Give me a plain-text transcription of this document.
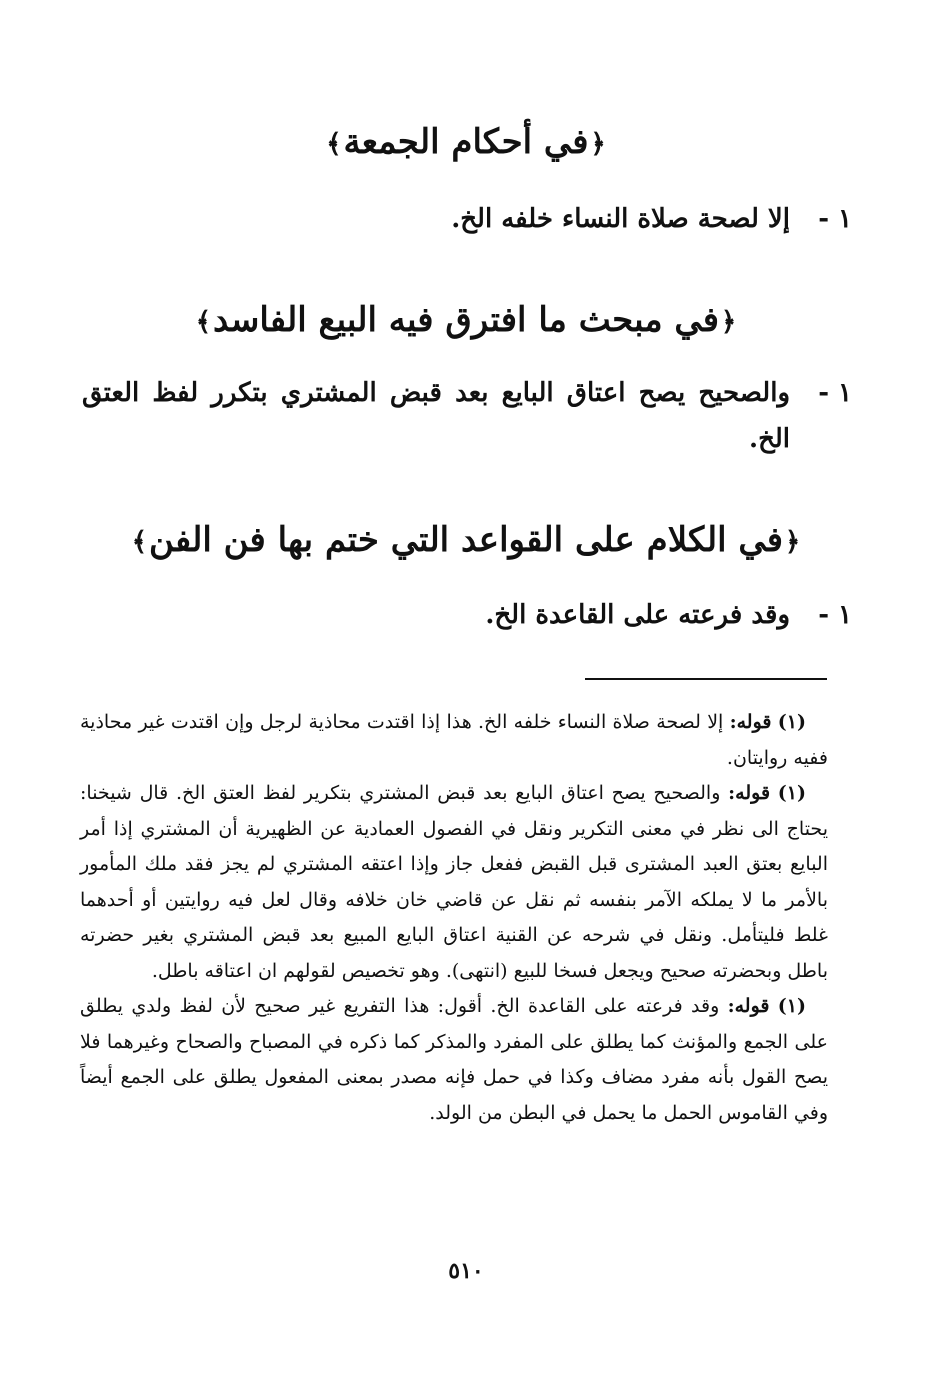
﴿في أحكام الجمعة﴾
١ -
إلا لصحة صلاة النساء خلفه الخ.
﴿في مبحث ما افترق فيه البيع الفاسد﴾
١ -
والصحيح يصح اعتاق البايع بعد قبض المشتري بتكرر لفظ العتق الخ.
﴿في الكلام على القواعد التي ختم بها فن الفن﴾
١ -
وقد فرعته على القاعدة الخ.

(١) قوله: إلا لصحة صلاة النساء خلفه الخ. هذا إذا اقتدت محاذية لرجل وإن اقتدت غير محاذية ففيه روايتان.

(١) قوله: والصحيح يصح اعتاق البايع بعد قبض المشتري بتكرير لفظ العتق الخ. قال شيخنا: يحتاج الى نظر في معنى التكرير ونقل في الفصول العمادية عن الظهيرية أن المشتري إذا أمر البايع بعتق العبد المشترى قبل القبض ففعل جاز وإذا اعتقه المشتري لم يجز فقد ملك المأمور بالأمر ما لا يملكه الآمر بنفسه ثم نقل عن قاضي خان خلافه وقال لعل فيه روايتين أو أحدهما غلط فليتأمل. ونقل في شرحه عن القنية اعتاق البايع المبيع بعد قبض المشتري بغير حضرته باطل وبحضرته صحيح ويجعل فسخا للبيع (انتهى). وهو تخصيص لقولهم ان اعتاقه باطل.

(١) قوله: وقد فرعته على القاعدة الخ. أقول: هذا التفريع غير صحيح لأن لفظ ولدي يطلق على الجمع والمؤنث كما يطلق على المفرد والمذكر كما ذكره في المصباح والصحاح وغيرهما فلا يصح القول بأنه مفرد مضاف وكذا في حمل فإنه مصدر بمعنى المفعول يطلق على الجمع أيضاً وفي القاموس الحمل ما يحمل في البطن من الولد.

٥١٠
